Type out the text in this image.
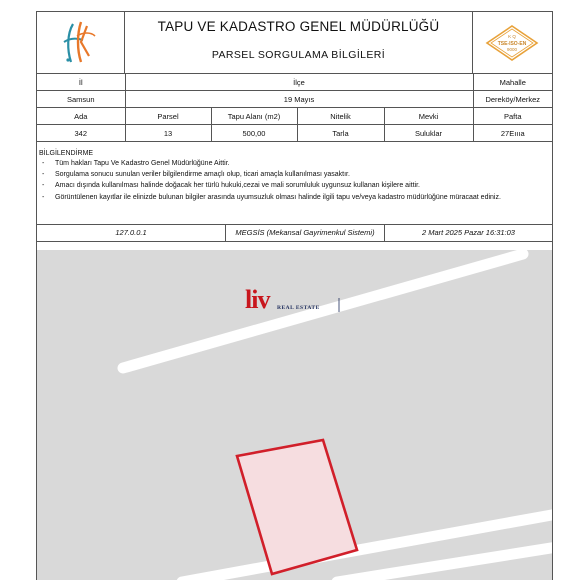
TAPU VE KADASTRO GENEL MÜDÜRLÜĞÜ
PARSEL SORGULAMA BİLGİLERİ
K Q
TSE-ISO-EN
9000
İl	İlçe	Mahalle
Samsun	19 Mayıs	Dereköy/Merkez
Ada	Parsel	Tapu Alanı (m2)	Nitelik	Mevki	Pafta
342	13	500,00	Tarla	Suluklar	27Eıııa
BİLGİLENDİRME
- Tüm hakları Tapu Ve Kadastro Genel Müdürlüğüne Aittir.
- Sorgulama sonucu sunulan veriler bilgilendirme amaçlı olup, ticari amaçla kullanılması yasaktır.
- Amacı dışında kullanılması halinde doğacak her türlü hukuki,cezai ve mali sorumluluk uygunsuz kullanan kişilere aittir.
- Görüntülenen kayıtlar ile elinizde bulunan bilgiler arasında uyumsuzluk olması halinde ilgili tapu ve/veya kadastro müdürlüğüne müracaat ediniz.
127.0.0.1	MEGSİS (Mekansal Gayrimenkul Sistemi)	2 Mart 2025 Pazar 16:31:03
liv REAL ESTATE
